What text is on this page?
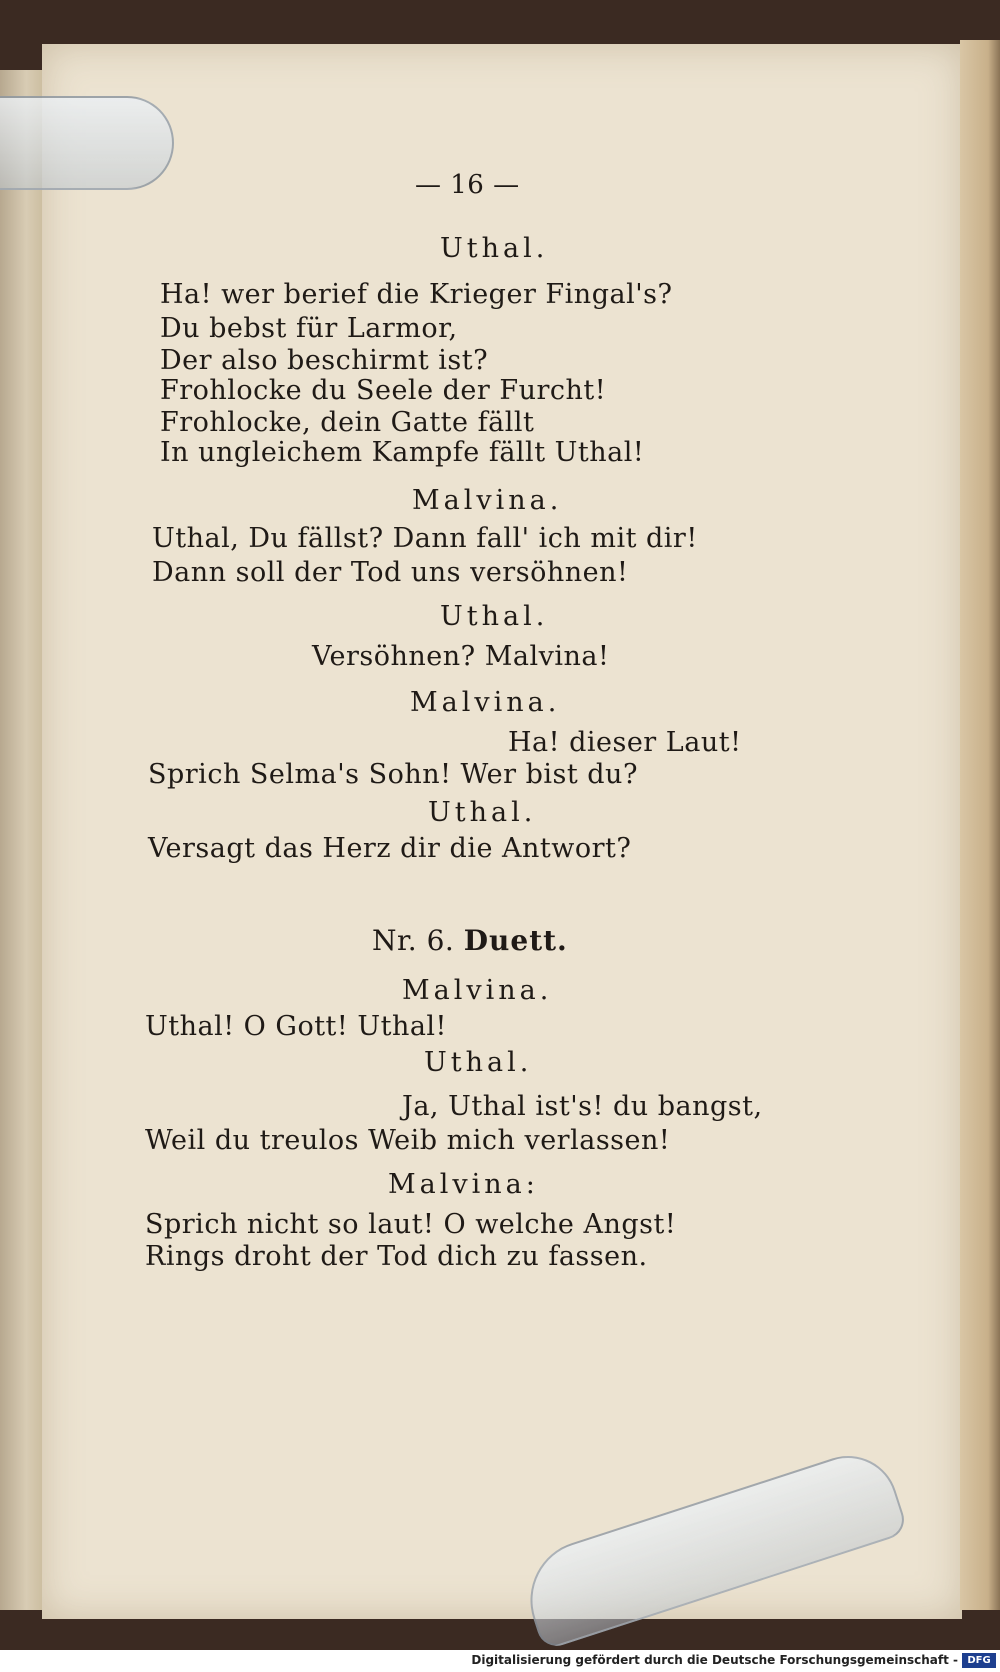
— 16 —
Uthal.
Ha! wer berief die Krieger Fingal's?
Du bebst für Larmor,
Der also beschirmt ist?
Frohlocke du Seele der Furcht!
Frohlocke, dein Gatte fällt
In ungleichem Kampfe fällt Uthal!
Malvina.
Uthal, Du fällst? Dann fall' ich mit dir!
Dann soll der Tod uns versöhnen!
Uthal.
Versöhnen? Malvina!
Malvina.
Ha! dieser Laut!
Sprich Selma's Sohn! Wer bist du?
Uthal.
Versagt das Herz dir die Antwort?
Nr. 6. Duett.
Malvina.
Uthal! O Gott! Uthal!
Uthal.
Ja, Uthal ist's! du bangst,
Weil du treulos Weib mich verlassen!
Malvina:
Sprich nicht so laut! O welche Angst!
Rings droht der Tod dich zu fassen.
Digitalisierung gefördert durch die Deutsche Forschungsgemeinschaft - DFG
